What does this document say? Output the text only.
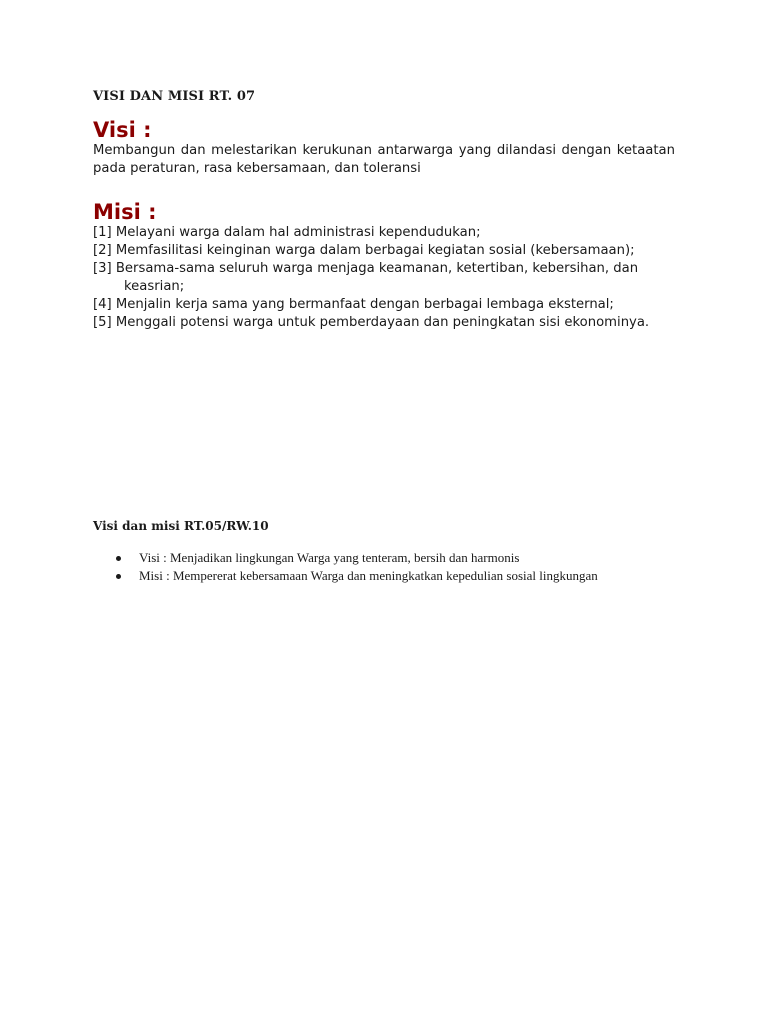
VISI DAN MISI RT. 07

Visi :

Membangun dan melestarikan kerukunan antarwarga yang dilandasi dengan ketaatan pada peraturan, rasa kebersamaan, dan toleransi

Misi :

[1] Melayani warga dalam hal administrasi kependudukan;
[2] Memfasilitasi keinginan warga dalam berbagai kegiatan sosial (kebersamaan);
[3] Bersama-sama seluruh warga menjaga keamanan, ketertiban, kebersihan, dan
keasrian;
[4] Menjalin kerja sama yang bermanfaat dengan berbagai lembaga eksternal;
[5] Menggali potensi warga untuk pemberdayaan dan peningkatan sisi ekonominya.

Visi dan misi RT.05/RW.10

Visi : Menjadikan lingkungan Warga yang tenteram, bersih dan harmonis
Misi : Mempererat kebersamaan Warga dan meningkatkan kepedulian sosial lingkungan
